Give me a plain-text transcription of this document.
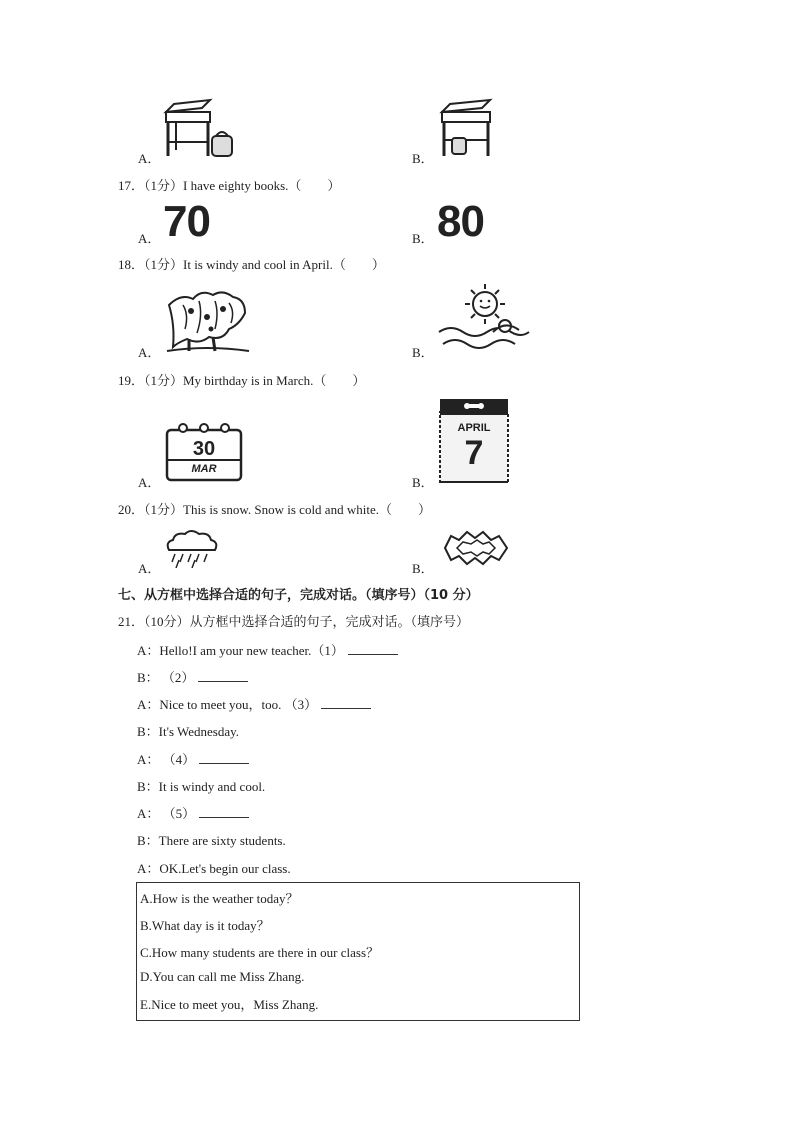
A．	B．
17．（1分）I have eighty books.（　　）
A． 70	B． 80
18．（1分）It is windy and cool in April.（　　）
A．	B．
19．（1分）My birthday is in March.（　　）
A．
30
MAR
B．
APRIL
7
20．（1分）This is snow. Snow is cold and white.（　　）
A．	B．
七、从方框中选择合适的句子，完成对话。（填序号）（10 分）
21．（10分）从方框中选择合适的句子，完成对话。（填序号）
A：Hello!I am your new teacher.（1）
B： （2）
A：Nice to meet you，too. （3）
B：It's Wednesday.
A： （4）
B：It is windy and cool.
A： （5）
B：There are sixty students.
A：OK.Let's begin our class.
A.How is the weather today？
B.What day is it today？
C.How many students are there in our class？
D.You can call me Miss Zhang.
E.Nice to meet you，Miss Zhang.
